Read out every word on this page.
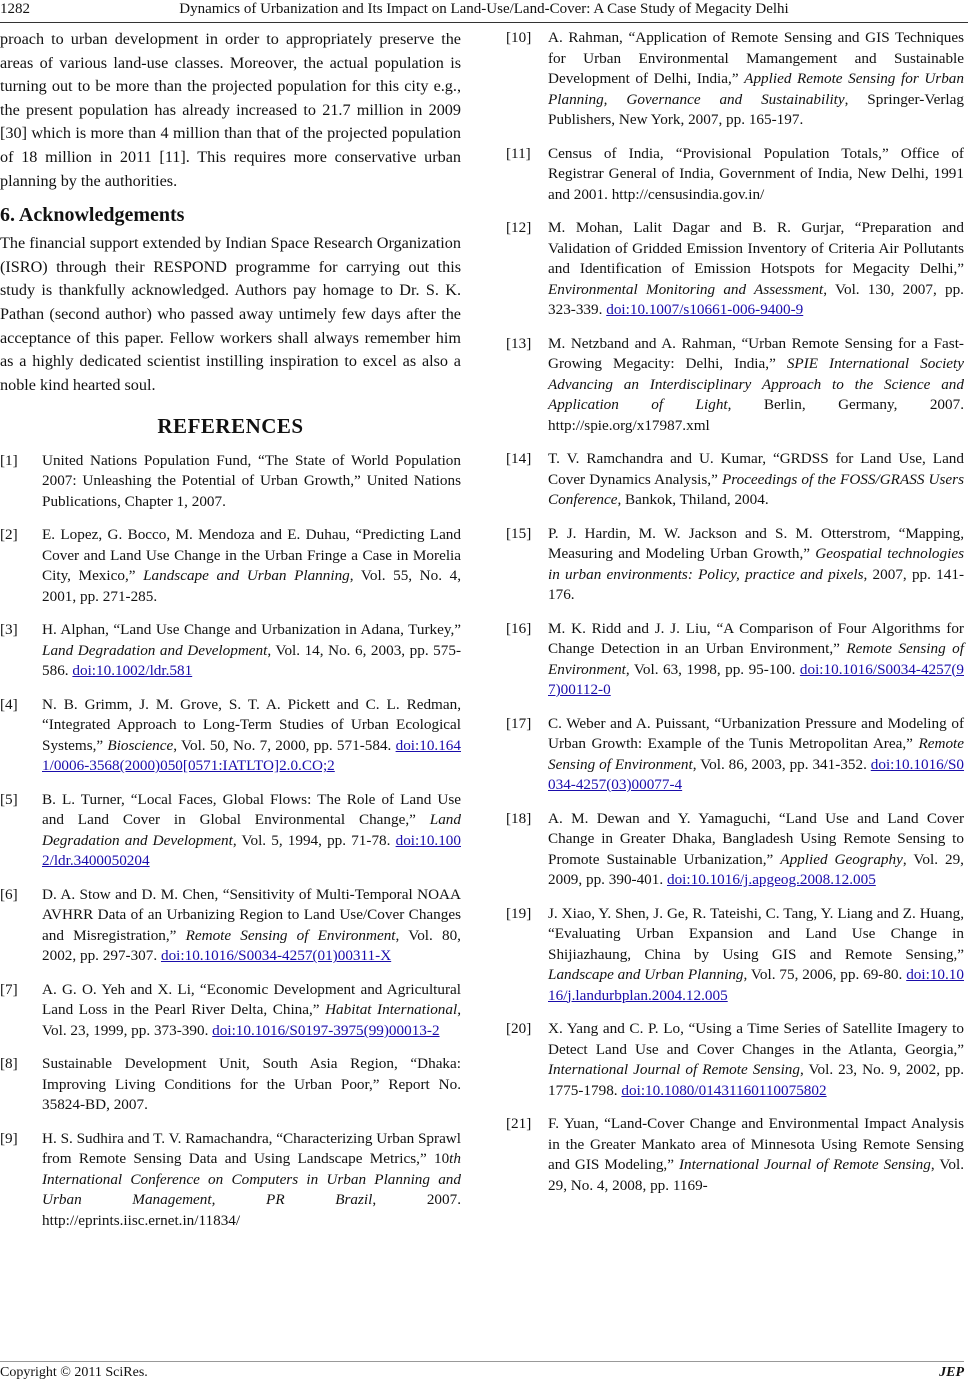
1282	Dynamics of Urbanization and Its Impact on Land-Use/Land-Cover: A Case Study of Megacity Delhi

proach to urban development in order to appropriately preserve the areas of various land-use classes. Moreover, the actual population is turning out to be more than the projected population for this city e.g., the present population has already increased to 21.7 million in 2009 [30] which is more than 4 million than that of the projected population of 18 million in 2011 [11]. This requires more conservative urban planning by the authorities.

6. Acknowledgements

The financial support extended by Indian Space Research Organization (ISRO) through their RESPOND programme for carrying out this study is thankfully acknowledged. Authors pay homage to Dr. S. K. Pathan (second author) who passed away untimely few days after the acceptance of this paper. Fellow workers shall always remember him as a highly dedicated scientist instilling inspiration to excel as also a noble kind hearted soul.

REFERENCES
[1] United Nations Population Fund, “The State of World Population 2007: Unleashing the Potential of Urban Growth,” United Nations Publications, Chapter 1, 2007.
[2] E. Lopez, G. Bocco, M. Mendoza and E. Duhau, “Predicting Land Cover and Land Use Change in the Urban Fringe a Case in Morelia City, Mexico,” Landscape and Urban Planning, Vol. 55, No. 4, 2001, pp. 271-285.
[3] H. Alphan, “Land Use Change and Urbanization in Adana, Turkey,” Land Degradation and Development, Vol. 14, No. 6, 2003, pp. 575-586. doi:10.1002/ldr.581
[4] N. B. Grimm, J. M. Grove, S. T. A. Pickett and C. L. Redman, “Integrated Approach to Long-Term Studies of Urban Ecological Systems,” Bioscience, Vol. 50, No. 7, 2000, pp. 571-584. doi:10.1641/0006-3568(2000)050[0571:IATLTO]2.0.CO;2
[5] B. L. Turner, “Local Faces, Global Flows: The Role of Land Use and Land Cover in Global Environmental Change,” Land Degradation and Development, Vol. 5, 1994, pp. 71-78. doi:10.1002/ldr.3400050204
[6] D. A. Stow and D. M. Chen, “Sensitivity of Multi-Temporal NOAA AVHRR Data of an Urbanizing Region to Land Use/Cover Changes and Misregistration,” Remote Sensing of Environment, Vol. 80, 2002, pp. 297-307. doi:10.1016/S0034-4257(01)00311-X
[7] A. G. O. Yeh and X. Li, “Economic Development and Agricultural Land Loss in the Pearl River Delta, China,” Habitat International, Vol. 23, 1999, pp. 373-390. doi:10.1016/S0197-3975(99)00013-2
[8] Sustainable Development Unit, South Asia Region, “Dhaka: Improving Living Conditions for the Urban Poor,” Report No. 35824-BD, 2007.
[9] H. S. Sudhira and T. V. Ramachandra, “Characterizing Urban Sprawl from Remote Sensing Data and Using Landscape Metrics,” 10th International Conference on Computers in Urban Planning and Urban Management, PR Brazil, 2007. http://eprints.iisc.ernet.in/11834/
[10] A. Rahman, “Application of Remote Sensing and GIS Techniques for Urban Environmental Mamangement and Sustainable Development of Delhi, India,” Applied Remote Sensing for Urban Planning, Governance and Sustainability, Springer-Verlag Publishers, New York, 2007, pp. 165-197.
[11] Census of India, “Provisional Population Totals,” Office of Registrar General of India, Government of India, New Delhi, 1991 and 2001. http://censusindia.gov.in/
[12] M. Mohan, Lalit Dagar and B. R. Gurjar, “Preparation and Validation of Gridded Emission Inventory of Criteria Air Pollutants and Identification of Emission Hotspots for Megacity Delhi,” Environmental Monitoring and Assessment, Vol. 130, 2007, pp. 323-339. doi:10.1007/s10661-006-9400-9
[13] M. Netzband and A. Rahman, “Urban Remote Sensing for a Fast-Growing Megacity: Delhi, India,” SPIE International Society Advancing an Interdisciplinary Approach to the Science and Application of Light, Berlin, Germany, 2007. http://spie.org/x17987.xml
[14] T. V. Ramchandra and U. Kumar, “GRDSS for Land Use, Land Cover Dynamics Analysis,” Proceedings of the FOSS/GRASS Users Conference, Bankok, Thiland, 2004.
[15] P. J. Hardin, M. W. Jackson and S. M. Otterstrom, “Mapping, Measuring and Modeling Urban Growth,” Geospatial technologies in urban environments: Policy, practice and pixels, 2007, pp. 141-176.
[16] M. K. Ridd and J. J. Liu, “A Comparison of Four Algorithms for Change Detection in an Urban Environment,” Remote Sensing of Environment, Vol. 63, 1998, pp. 95-100. doi:10.1016/S0034-4257(97)00112-0
[17] C. Weber and A. Puissant, “Urbanization Pressure and Modeling of Urban Growth: Example of the Tunis Metropolitan Area,” Remote Sensing of Environment, Vol. 86, 2003, pp. 341-352. doi:10.1016/S0034-4257(03)00077-4
[18] A. M. Dewan and Y. Yamaguchi, “Land Use and Land Cover Change in Greater Dhaka, Bangladesh Using Remote Sensing to Promote Sustainable Urbanization,” Applied Geography, Vol. 29, 2009, pp. 390-401. doi:10.1016/j.apgeog.2008.12.005
[19] J. Xiao, Y. Shen, J. Ge, R. Tateishi, C. Tang, Y. Liang and Z. Huang, “Evaluating Urban Expansion and Land Use Change in Shijiazhaung, China by Using GIS and Remote Sensing,” Landscape and Urban Planning, Vol. 75, 2006, pp. 69-80. doi:10.1016/j.landurbplan.2004.12.005
[20] X. Yang and C. P. Lo, “Using a Time Series of Satellite Imagery to Detect Land Use and Cover Changes in the Atlanta, Georgia,” International Journal of Remote Sensing, Vol. 23, No. 9, 2002, pp. 1775-1798. doi:10.1080/01431160110075802
[21] F. Yuan, “Land-Cover Change and Environmental Impact Analysis in the Greater Mankato area of Minnesota Using Remote Sensing and GIS Modeling,” International Journal of Remote Sensing, Vol. 29, No. 4, 2008, pp. 1169-
Copyright © 2011 SciRes.	JEP
